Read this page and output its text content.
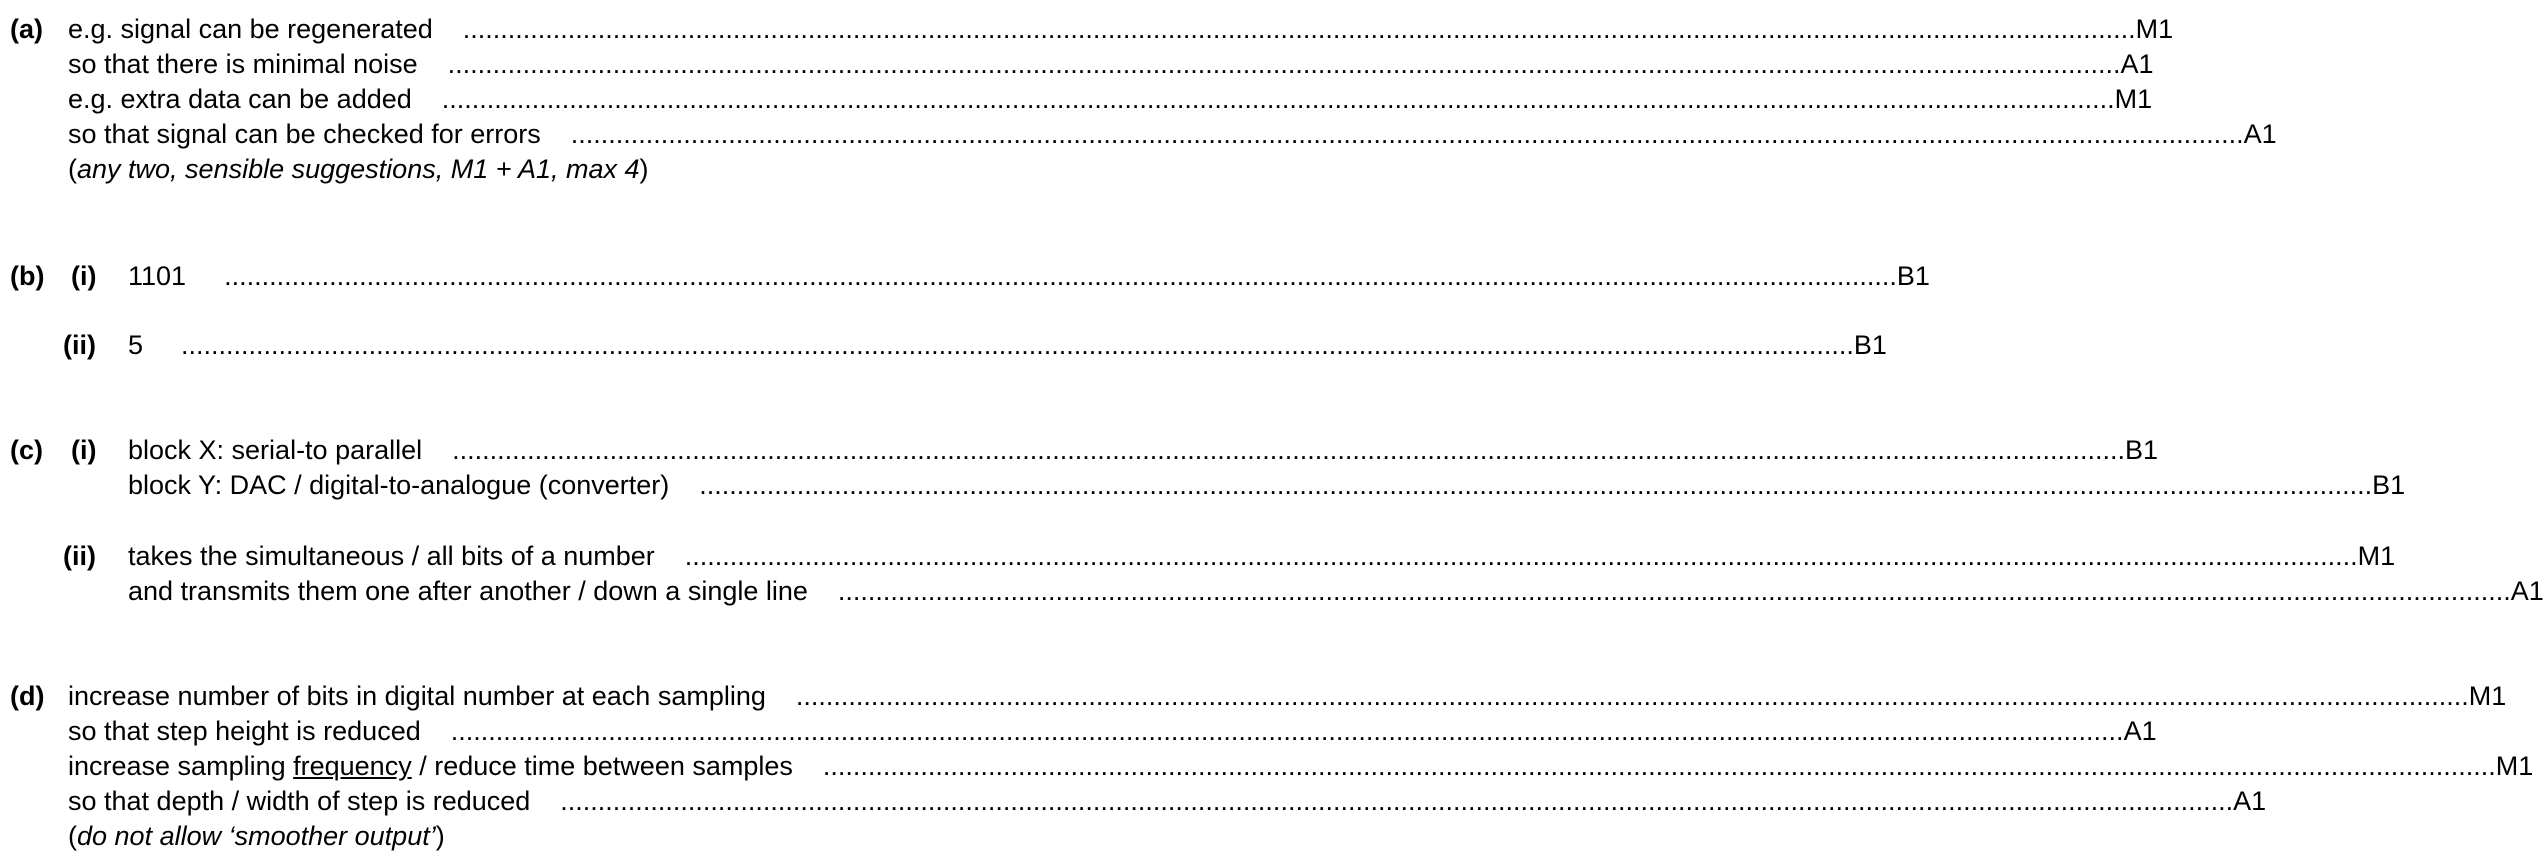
(a) e.g. signal can be regenerated ............................................................................................................................................................................................................................... M1
so that there is minimal noise ............................................................................................................................................................................................................................... A1
e.g. extra data can be added ............................................................................................................................................................................................................................... M1
so that signal can be checked for errors ............................................................................................................................................................................................................................... A1
(any two, sensible suggestions, M1 + A1, max 4)
(b) (i) 1101 ............................................................................................................................................................................................................................... B1
(ii) 5 ............................................................................................................................................................................................................................... B1
(c) (i) block X: serial-to parallel ............................................................................................................................................................................................................................... B1
block Y: DAC / digital-to-analogue (converter) ............................................................................................................................................................................................................................... B1
(ii) takes the simultaneous / all bits of a number ............................................................................................................................................................................................................................... M1
and transmits them one after another / down a single line ............................................................................................................................................................................................................................... A1
(d) increase number of bits in digital number at each sampling ............................................................................................................................................................................................................................... M1
so that step height is reduced ............................................................................................................................................................................................................................... A1
increase sampling frequency / reduce time between samples ............................................................................................................................................................................................................................... M1
so that depth / width of step is reduced ............................................................................................................................................................................................................................... A1
(do not allow ‘smoother output’)
